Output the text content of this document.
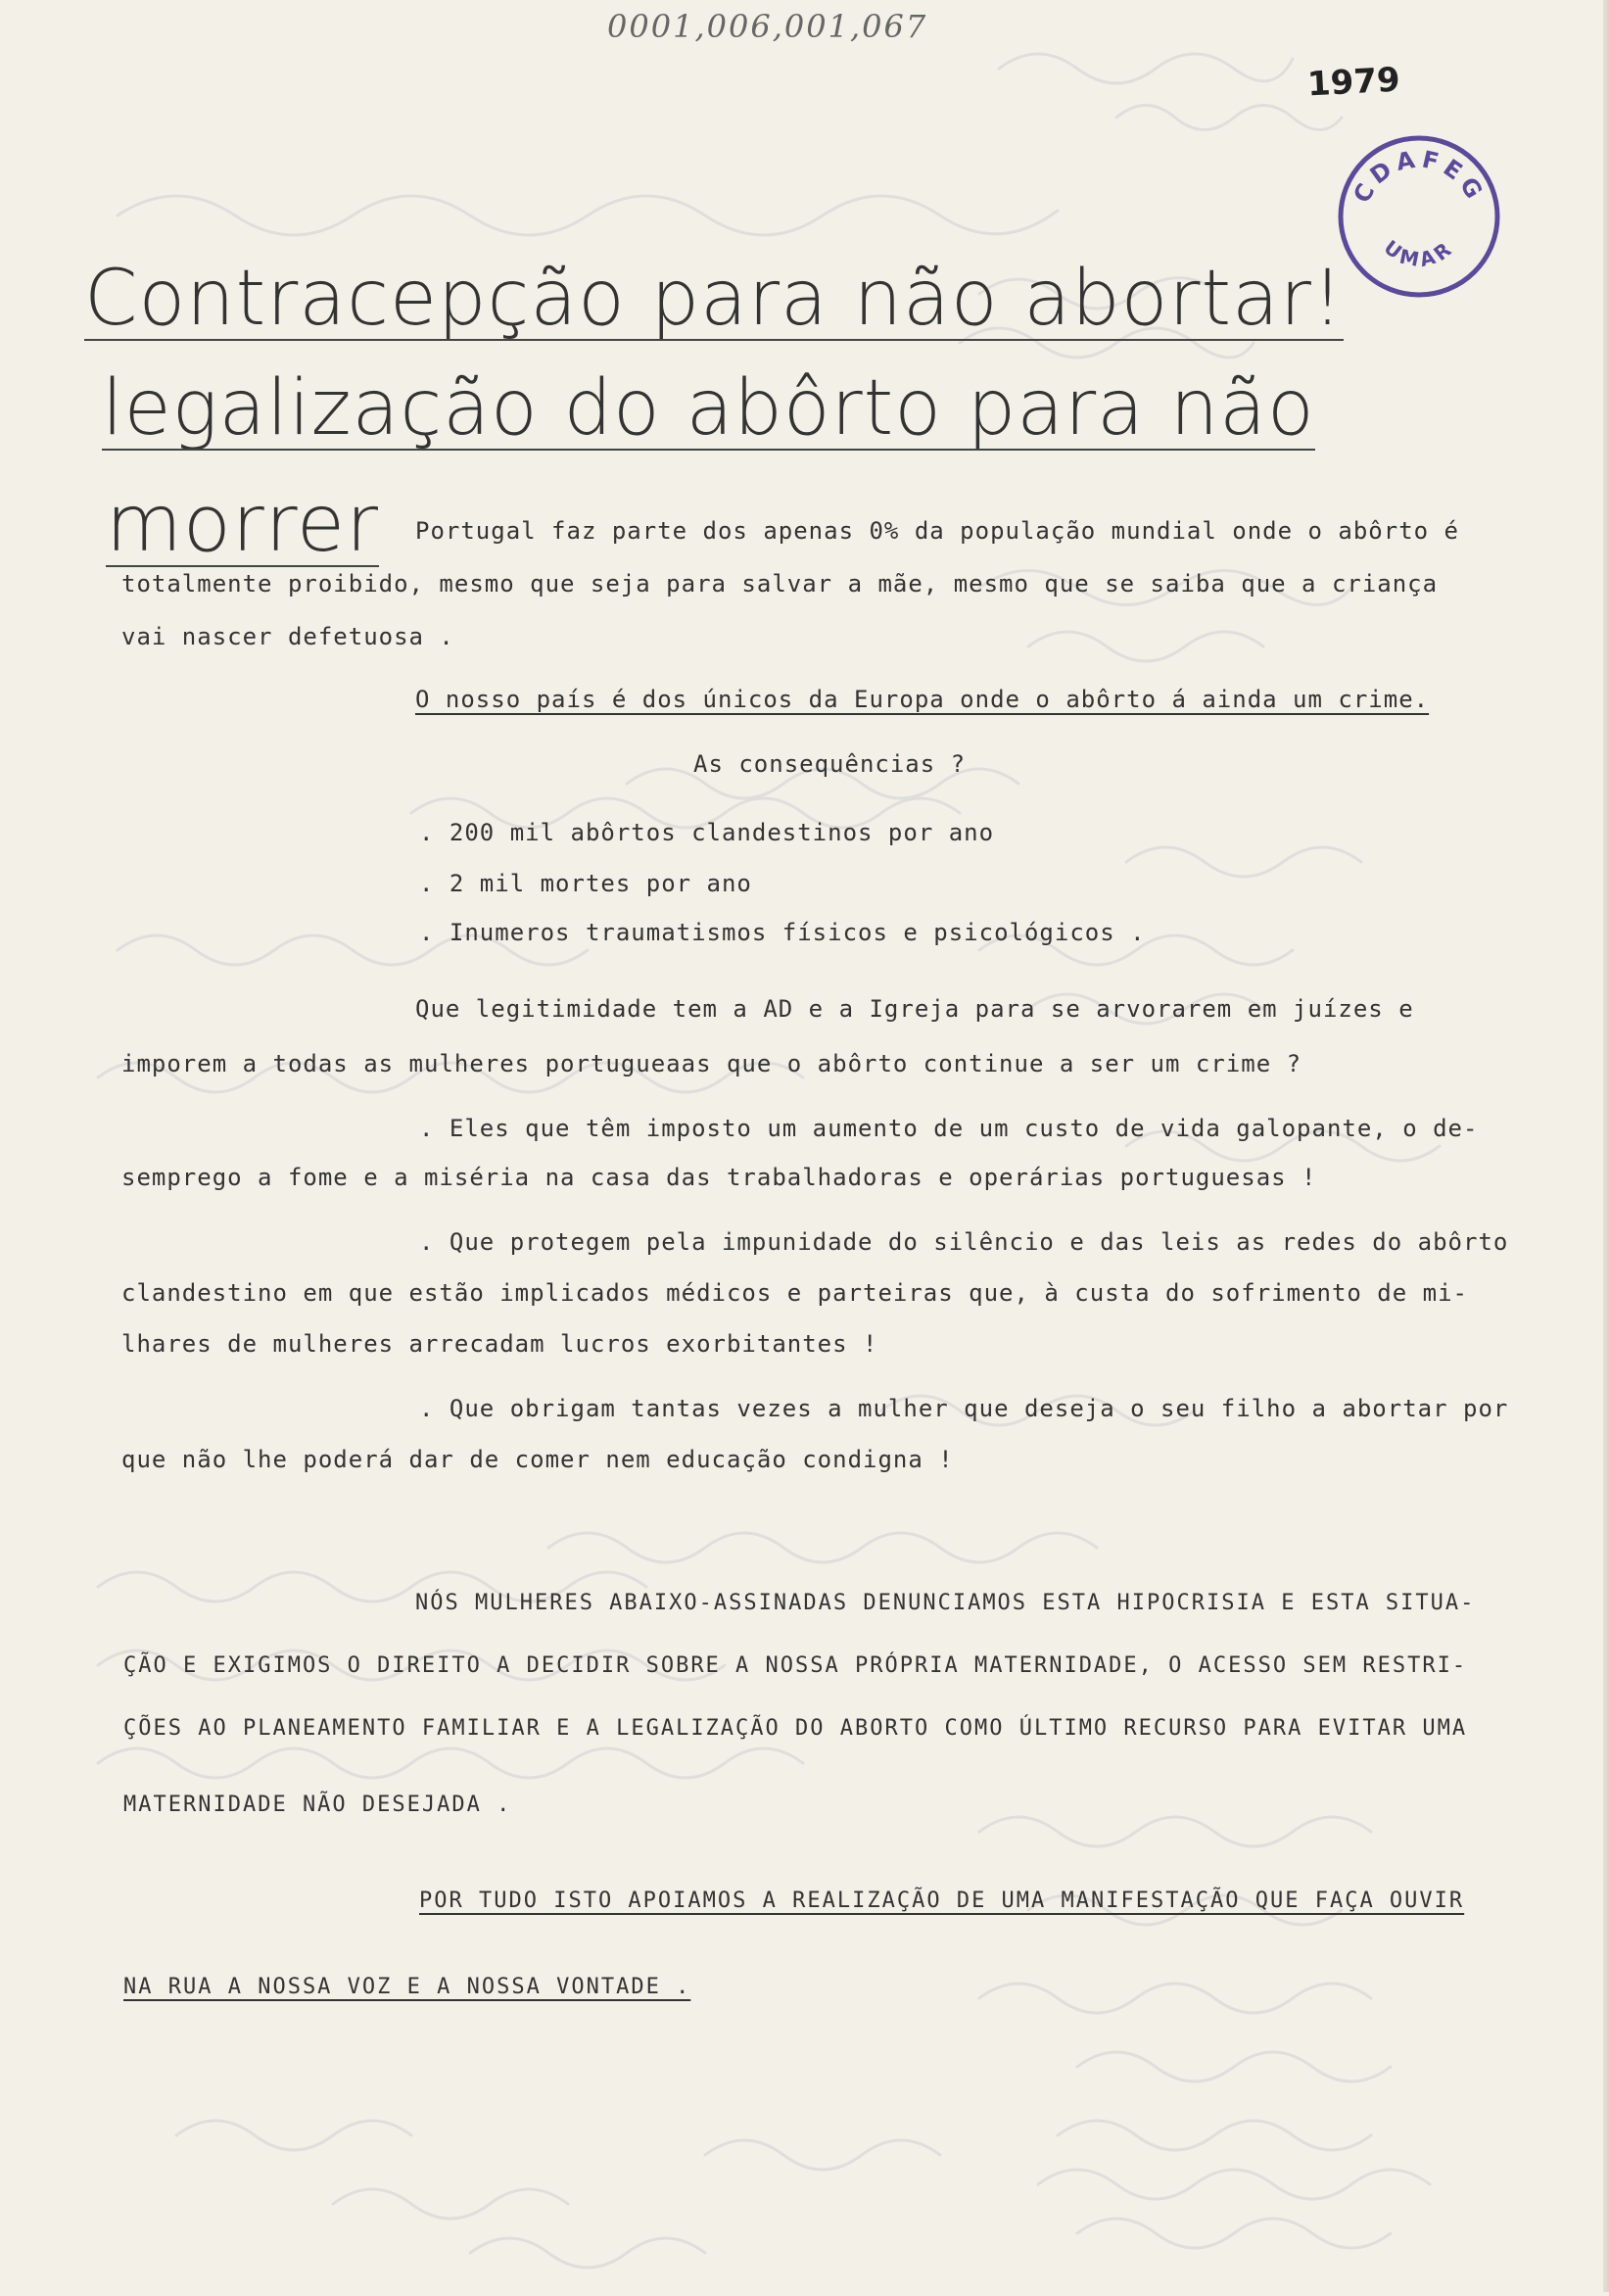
0001,006,001,067
1979
CDAFEG
UMAR
Contracepção para não abortar!
legalização do abôrto para não
morrer Portugal faz parte dos apenas 0% da população mundial onde o abôrto é
totalmente proibido, mesmo que seja para salvar a mãe, mesmo que se saiba que a criança
vai nascer defetuosa .
O nosso país é dos únicos da Europa onde o abôrto á ainda um crime.
As consequências ?
. 200 mil abôrtos clandestinos por ano
. 2 mil mortes por ano
. Inumeros traumatismos físicos e psicológicos .
Que legitimidade tem a AD e a Igreja para se arvorarem em juízes e
imporem a todas as mulheres portugueaas que o abôrto continue a ser um crime ?
. Eles que têm imposto um aumento de um custo de vida galopante, o de-
semprego a fome e a miséria na casa das trabalhadoras e operárias portuguesas !
. Que protegem pela impunidade do silêncio e das leis as redes do abôrto
clandestino em que estão implicados médicos e parteiras que, à custa do sofrimento de mi-
lhares de mulheres arrecadam lucros exorbitantes !
. Que obrigam tantas vezes a mulher que deseja o seu filho a abortar por
que não lhe poderá dar de comer nem educação condigna !
NÓS MULHERES ABAIXO-ASSINADAS DENUNCIAMOS ESTA HIPOCRISIA E ESTA SITUA-
ÇÃO E EXIGIMOS O DIREITO A DECIDIR SOBRE A NOSSA PRÓPRIA MATERNIDADE, O ACESSO SEM RESTRI-
ÇÕES AO PLANEAMENTO FAMILIAR E A LEGALIZAÇÃO DO ABORTO COMO ÚLTIMO RECURSO PARA EVITAR UMA
MATERNIDADE NÃO DESEJADA .
POR TUDO ISTO APOIAMOS A REALIZAÇÃO DE UMA MANIFESTAÇÃO QUE FAÇA OUVIR
NA RUA A NOSSA VOZ E A NOSSA VONTADE .
